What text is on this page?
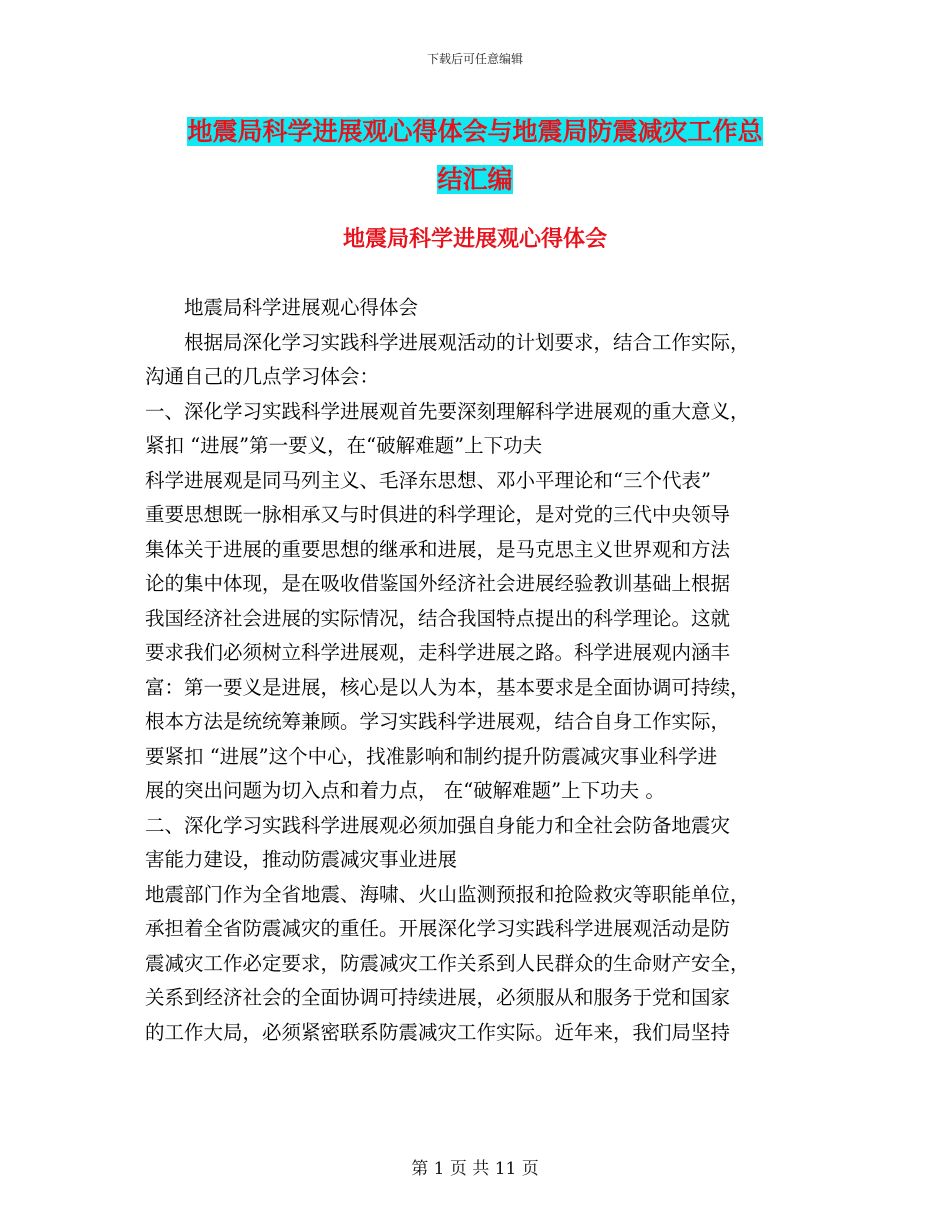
下载后可任意编辑
地震局科学进展观心得体会与地震局防震减灾工作总
结汇编
地震局科学进展观心得体会

　　地震局科学进展观心得体会

　　根据局深化学习实践科学进展观活动的计划要求，结合工作实际，

沟通自己的几点学习体会：

一、深化学习实践科学进展观首先要深刻理解科学进展观的重大意义，

紧扣 “进展”第一要义，在“破解难题”上下功夫

科学进展观是同马列主义、毛泽东思想、邓小平理论和“三个代表”

重要思想既一脉相承又与时俱进的科学理论，是对党的三代中央领导

集体关于进展的重要思想的继承和进展，是马克思主义世界观和方法

论的集中体现，是在吸收借鉴国外经济社会进展经验教训基础上根据

我国经济社会进展的实际情况，结合我国特点提出的科学理论。这就

要求我们必须树立科学进展观，走科学进展之路。科学进展观内涵丰

富：第一要义是进展，核心是以人为本，基本要求是全面协调可持续，

根本方法是统统筹兼顾。学习实践科学进展观，结合自身工作实际，

要紧扣 “进展”这个中心，找准影响和制约提升防震减灾事业科学进

展的突出问题为切入点和着力点， 在“破解难题”上下功夫 。

二、深化学习实践科学进展观必须加强自身能力和全社会防备地震灾

害能力建设，推动防震减灾事业进展

地震部门作为全省地震、海啸、火山监测预报和抢险救灾等职能单位，

承担着全省防震减灾的重任。开展深化学习实践科学进展观活动是防

震减灾工作必定要求，防震减灾工作关系到人民群众的生命财产安全，

关系到经济社会的全面协调可持续进展，必须服从和服务于党和国家

的工作大局，必须紧密联系防震减灾工作实际。近年来，我们局坚持

第 1 页 共 11 页
